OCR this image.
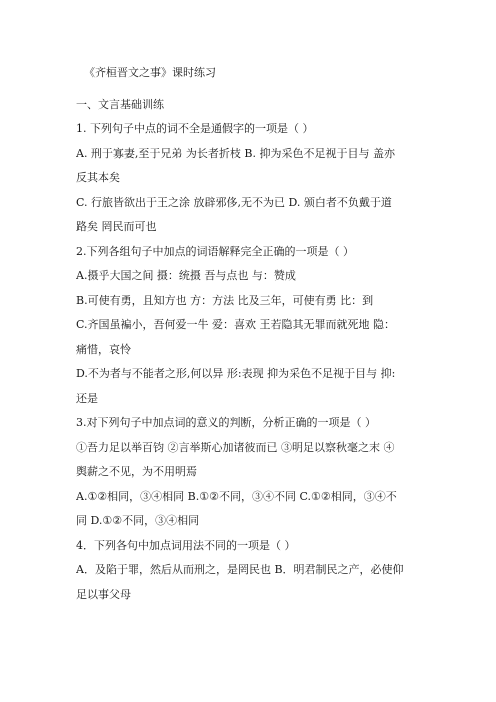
《齐桓晋文之事》课时练习
一、文言基础训练
1. 下列句子中点的词不全是通假字的一项是（ ）
A. 刑于寡妻,至于兄弟 为长者折枝 B. 抑为采色不足视于目与 盖亦
反其本矣
C. 行旅皆欲出于王之涂 放辟邪侈,无不为已 D. 颁白者不负戴于道
路矣 罔民而可也
2.下列各组句子中加点的词语解释完全正确的一项是（ ）
A.摄乎大国之间 摄：统摄 吾与点也 与：赞成
B.可使有勇，且知方也 方：方法 比及三年，可使有勇 比：到
C.齐国虽褊小，吾何爱一牛 爱：喜欢 王若隐其无罪而就死地 隐：
痛惜，哀怜
D.不为者与不能者之形,何以异 形:表现 抑为采色不足视于目与 抑:
还是
3.对下列句子中加点词的意义的判断，分析正确的一项是（ ）
①吾力足以举百钧 ②言举斯心加诸彼而已 ③明足以察秋毫之末 ④
舆薪之不见，为不用明焉
A.①②相同，③④相同 B.①②不同，③④不同 C.①②相同，③④不
同 D.①②不同，③④相同
4．下列各句中加点词用法不同的一项是（ ）
A．及陷于罪，然后从而刑之，是罔民也 B．明君制民之产，必使仰
足以事父母
